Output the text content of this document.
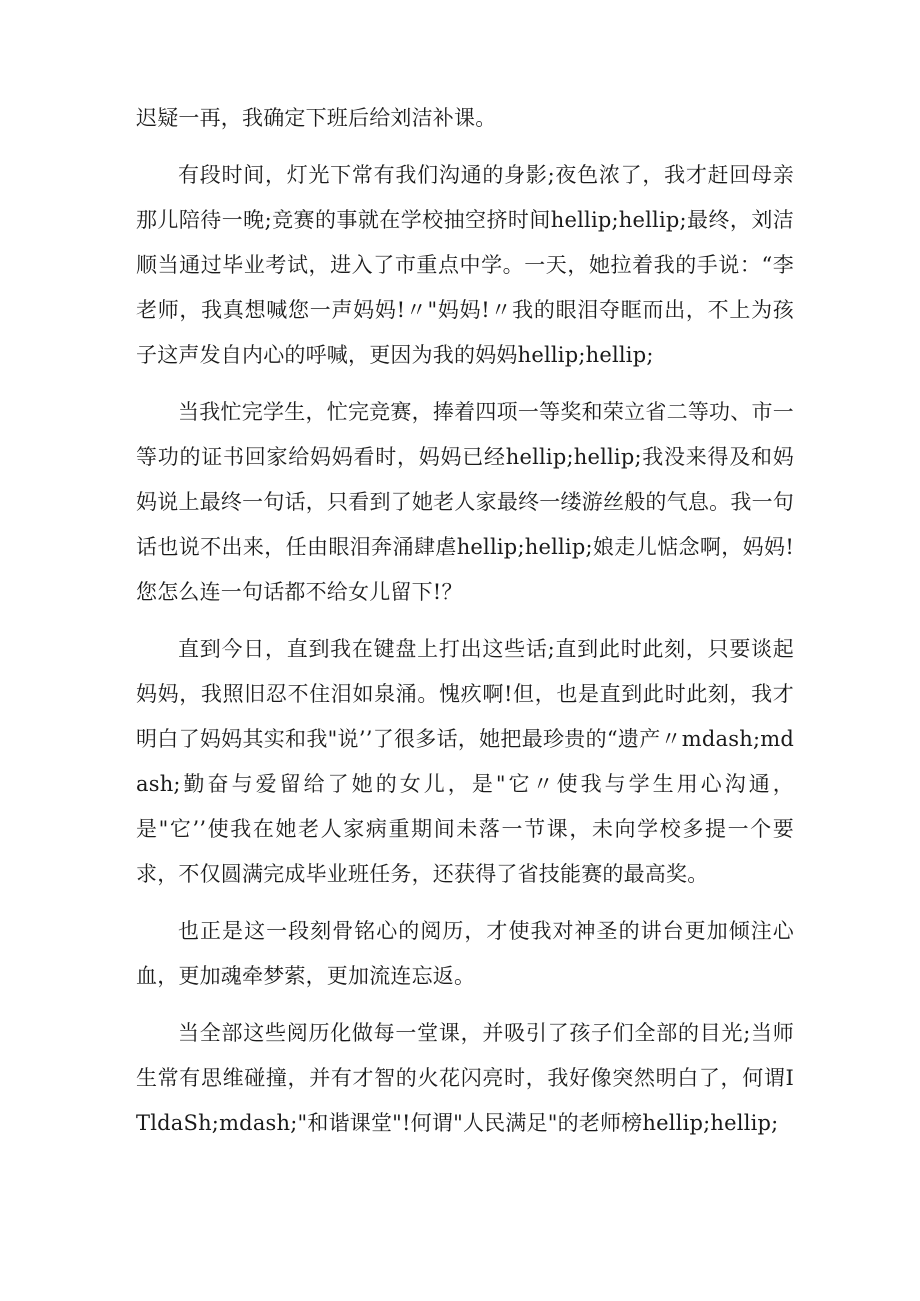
迟疑一再，我确定下班后给刘洁补课。

有段时间，灯光下常有我们沟通的身影;夜色浓了，我才赶回母亲那儿陪待一晚;竞赛的事就在学校抽空挤时间hellip;hellip;最终，刘洁顺当通过毕业考试，进入了市重点中学。一天，她拉着我的手说：“李老师，我真想喊您一声妈妈!〃"妈妈!〃我的眼泪夺眶而出，不上为孩子这声发自内心的呼喊，更因为我的妈妈hellip;hellip;

当我忙完学生，忙完竞赛，捧着四项一等奖和荣立省二等功、市一等功的证书回家给妈妈看时，妈妈已经hellip;hellip;我没来得及和妈妈说上最终一句话，只看到了她老人家最终一缕游丝般的气息。我一句话也说不出来，任由眼泪奔涌肆虐hellip;hellip;娘走儿惦念啊，妈妈!您怎么连一句话都不给女儿留下!？

直到今日，直到我在键盘上打出这些话;直到此时此刻，只要谈起妈妈，我照旧忍不住泪如泉涌。愧疚啊!但，也是直到此时此刻，我才明白了妈妈其实和我"说’’了很多话，她把最珍贵的“遗产〃mdash;mdash;勤奋与爱留给了她的女儿，是"它〃使我与学生用心沟通，是"它’’使我在她老人家病重期间未落一节课，未向学校多提一个要求，不仅圆满完成毕业班任务，还获得了省技能赛的最高奖。

也正是这一段刻骨铭心的阅历，才使我对神圣的讲台更加倾注心血，更加魂牵梦萦，更加流连忘返。

当全部这些阅历化做每一堂课，并吸引了孩子们全部的目光;当师生常有思维碰撞，并有才智的火花闪亮时，我好像突然明白了，何谓ITldaSh;mdash;"和谐课堂"!何谓"人民满足"的老师榜hellip;hellip;
